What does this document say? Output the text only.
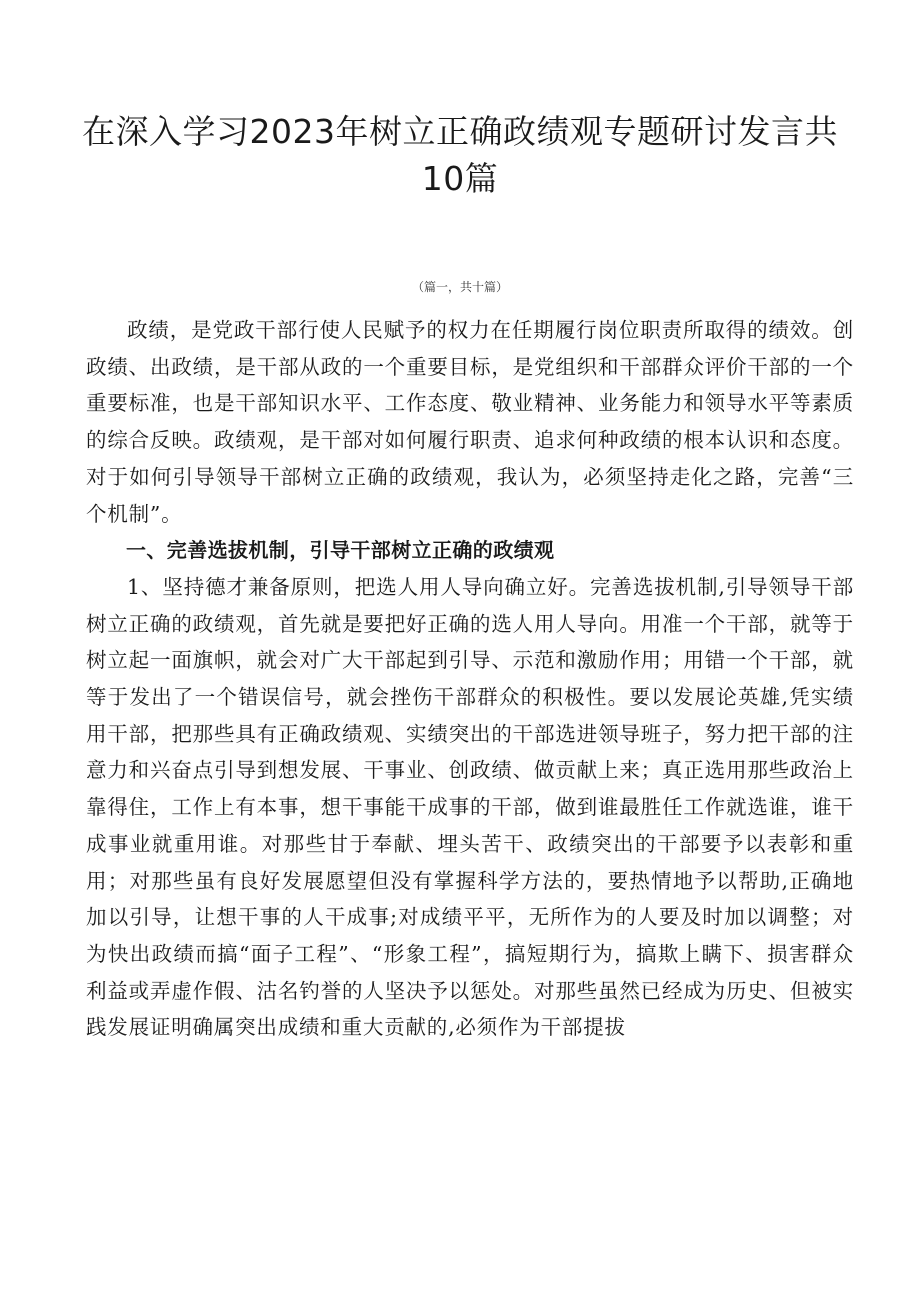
在深入学习2023年树立正确政绩观专题研讨发言共10篇
（篇一，共十篇）

政绩，是党政干部行使人民赋予的权力在任期履行岗位职责所取得的绩效。创政绩、出政绩，是干部从政的一个重要目标，是党组织和干部群众评价干部的一个重要标准，也是干部知识水平、工作态度、敬业精神、业务能力和领导水平等素质的综合反映。政绩观，是干部对如何履行职责、追求何种政绩的根本认识和态度。对于如何引导领导干部树立正确的政绩观，我认为，必须坚持走化之路，完善“三个机制”。

一、完善选拔机制，引导干部树立正确的政绩观

1、坚持德才兼备原则，把选人用人导向确立好。完善选拔机制,引导领导干部树立正确的政绩观，首先就是要把好正确的选人用人导向。用准一个干部，就等于树立起一面旗帜，就会对广大干部起到引导、示范和激励作用；用错一个干部，就等于发出了一个错误信号，就会挫伤干部群众的积极性。要以发展论英雄,凭实绩用干部，把那些具有正确政绩观、实绩突出的干部选进领导班子，努力把干部的注意力和兴奋点引导到想发展、干事业、创政绩、做贡献上来；真正选用那些政治上靠得住，工作上有本事，想干事能干成事的干部，做到谁最胜任工作就选谁，谁干成事业就重用谁。对那些甘于奉献、埋头苦干、政绩突出的干部要予以表彰和重用；对那些虽有良好发展愿望但没有掌握科学方法的，要热情地予以帮助,正确地加以引导，让想干事的人干成事;对成绩平平，无所作为的人要及时加以调整；对为快出政绩而搞“面子工程”、“形象工程”，搞短期行为，搞欺上瞒下、损害群众利益或弄虚作假、沽名钓誉的人坚决予以惩处。对那些虽然已经成为历史、但被实践发展证明确属突出成绩和重大贡献的,必须作为干部提拔
